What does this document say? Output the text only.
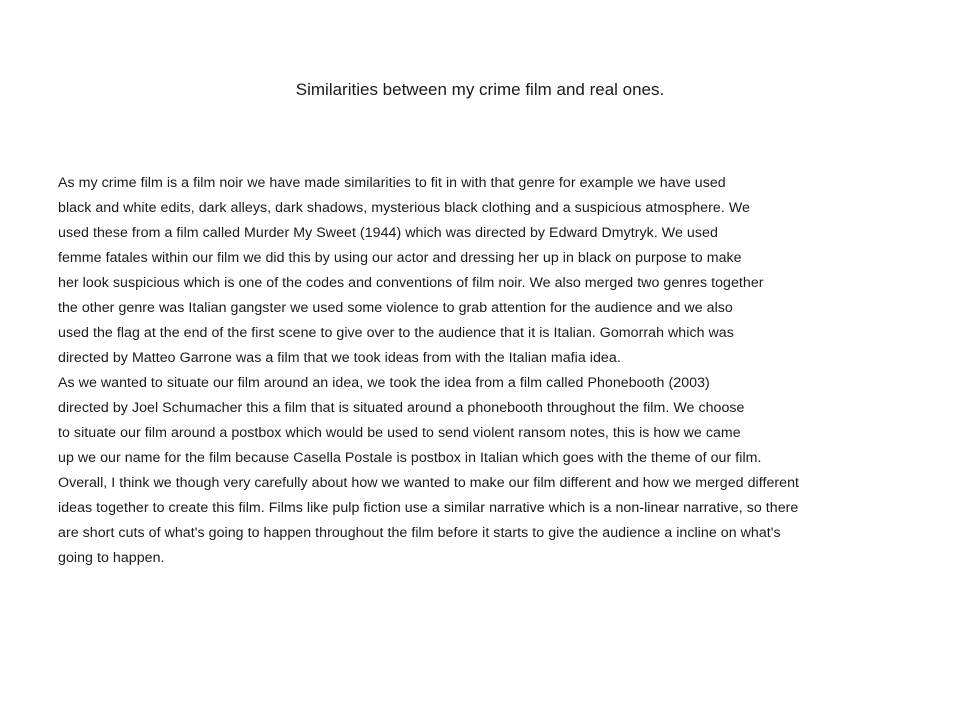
Similarities between my crime film and real ones.
As my crime film is a film noir we have made similarities to fit in with that genre for example we have used
black and white edits, dark alleys, dark shadows, mysterious black clothing and a suspicious atmosphere. We
used these from a film called Murder My Sweet (1944) which was directed by Edward Dmytryk. We used
femme fatales within our film we did this by using our actor and dressing her up in black on purpose to make
her look suspicious which is one of the codes and conventions of film noir. We also merged two genres together
the other genre was Italian gangster we used some violence to grab attention for the audience and we also
used the flag at the end of the first scene to give over to the audience that it is Italian. Gomorrah which was
directed by Matteo Garrone was a film that we took ideas from with the Italian mafia idea.
As we wanted to situate our film around an idea, we took the idea from a film called Phonebooth (2003)
directed by Joel Schumacher this a film that is situated around a phonebooth throughout the film. We choose
to situate our film around a postbox which would be used to send violent ransom notes, this is how we came
up we our name for the film because Casella Postale is postbox in Italian which goes with the theme of our film.
Overall, I think we though very carefully about how we wanted to make our film different and how we merged different
ideas together to create this film. Films like pulp fiction use a similar narrative which is a non-linear narrative, so there
are short cuts of what's going to happen throughout the film before it starts to give the audience a incline on what's
going to happen.
